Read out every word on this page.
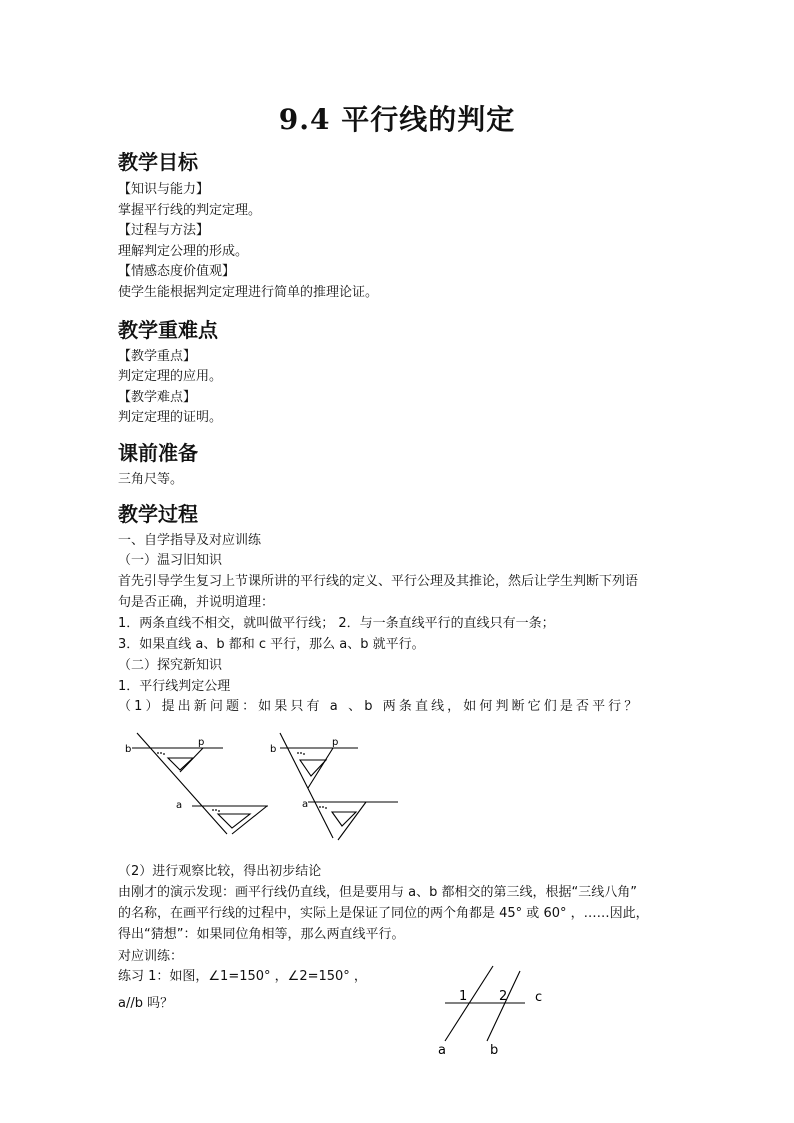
9.4 平行线的判定
教学目标

【知识与能力】

掌握平行线的判定定理。

【过程与方法】

理解判定公理的形成。

【情感态度价值观】

使学生能根据判定定理进行简单的推理论证。

教学重难点

【教学重点】

判定定理的应用。

【教学难点】

判定定理的证明。

课前准备

三角尺等。

教学过程

一、自学指导及对应训练

（一）温习旧知识

首先引导学生复习上节课所讲的平行线的定义、平行公理及其推论，然后让学生判断下列语

句是否正确，并说明道理：

1．两条直线不相交，就叫做平行线； 2．与一条直线平行的直线只有一条；

3．如果直线 a、b 都和 c 平行，那么 a、b 就平行。

（二）探究新知识

1．平行线判定公理

（1）提出新问题：如果只有 a 、b 两条直线，如何判断它们是否平行？

b
p
a
b
p
a

（2）进行观察比较，得出初步结论

由刚才的演示发现：画平行线仍直线，但是要用与 a、b 都相交的第三线，根据“三线八角”

的名称，在画平行线的过程中，实际上是保证了同位的两个角都是 45° 或 60° ，……因此，

得出“猜想”：如果同位角相等，那么两直线平行。

对应训练：

练习 1：如图，∠1=150° ，∠2=150° ，

a//b 吗？	1 2 c
a	b
